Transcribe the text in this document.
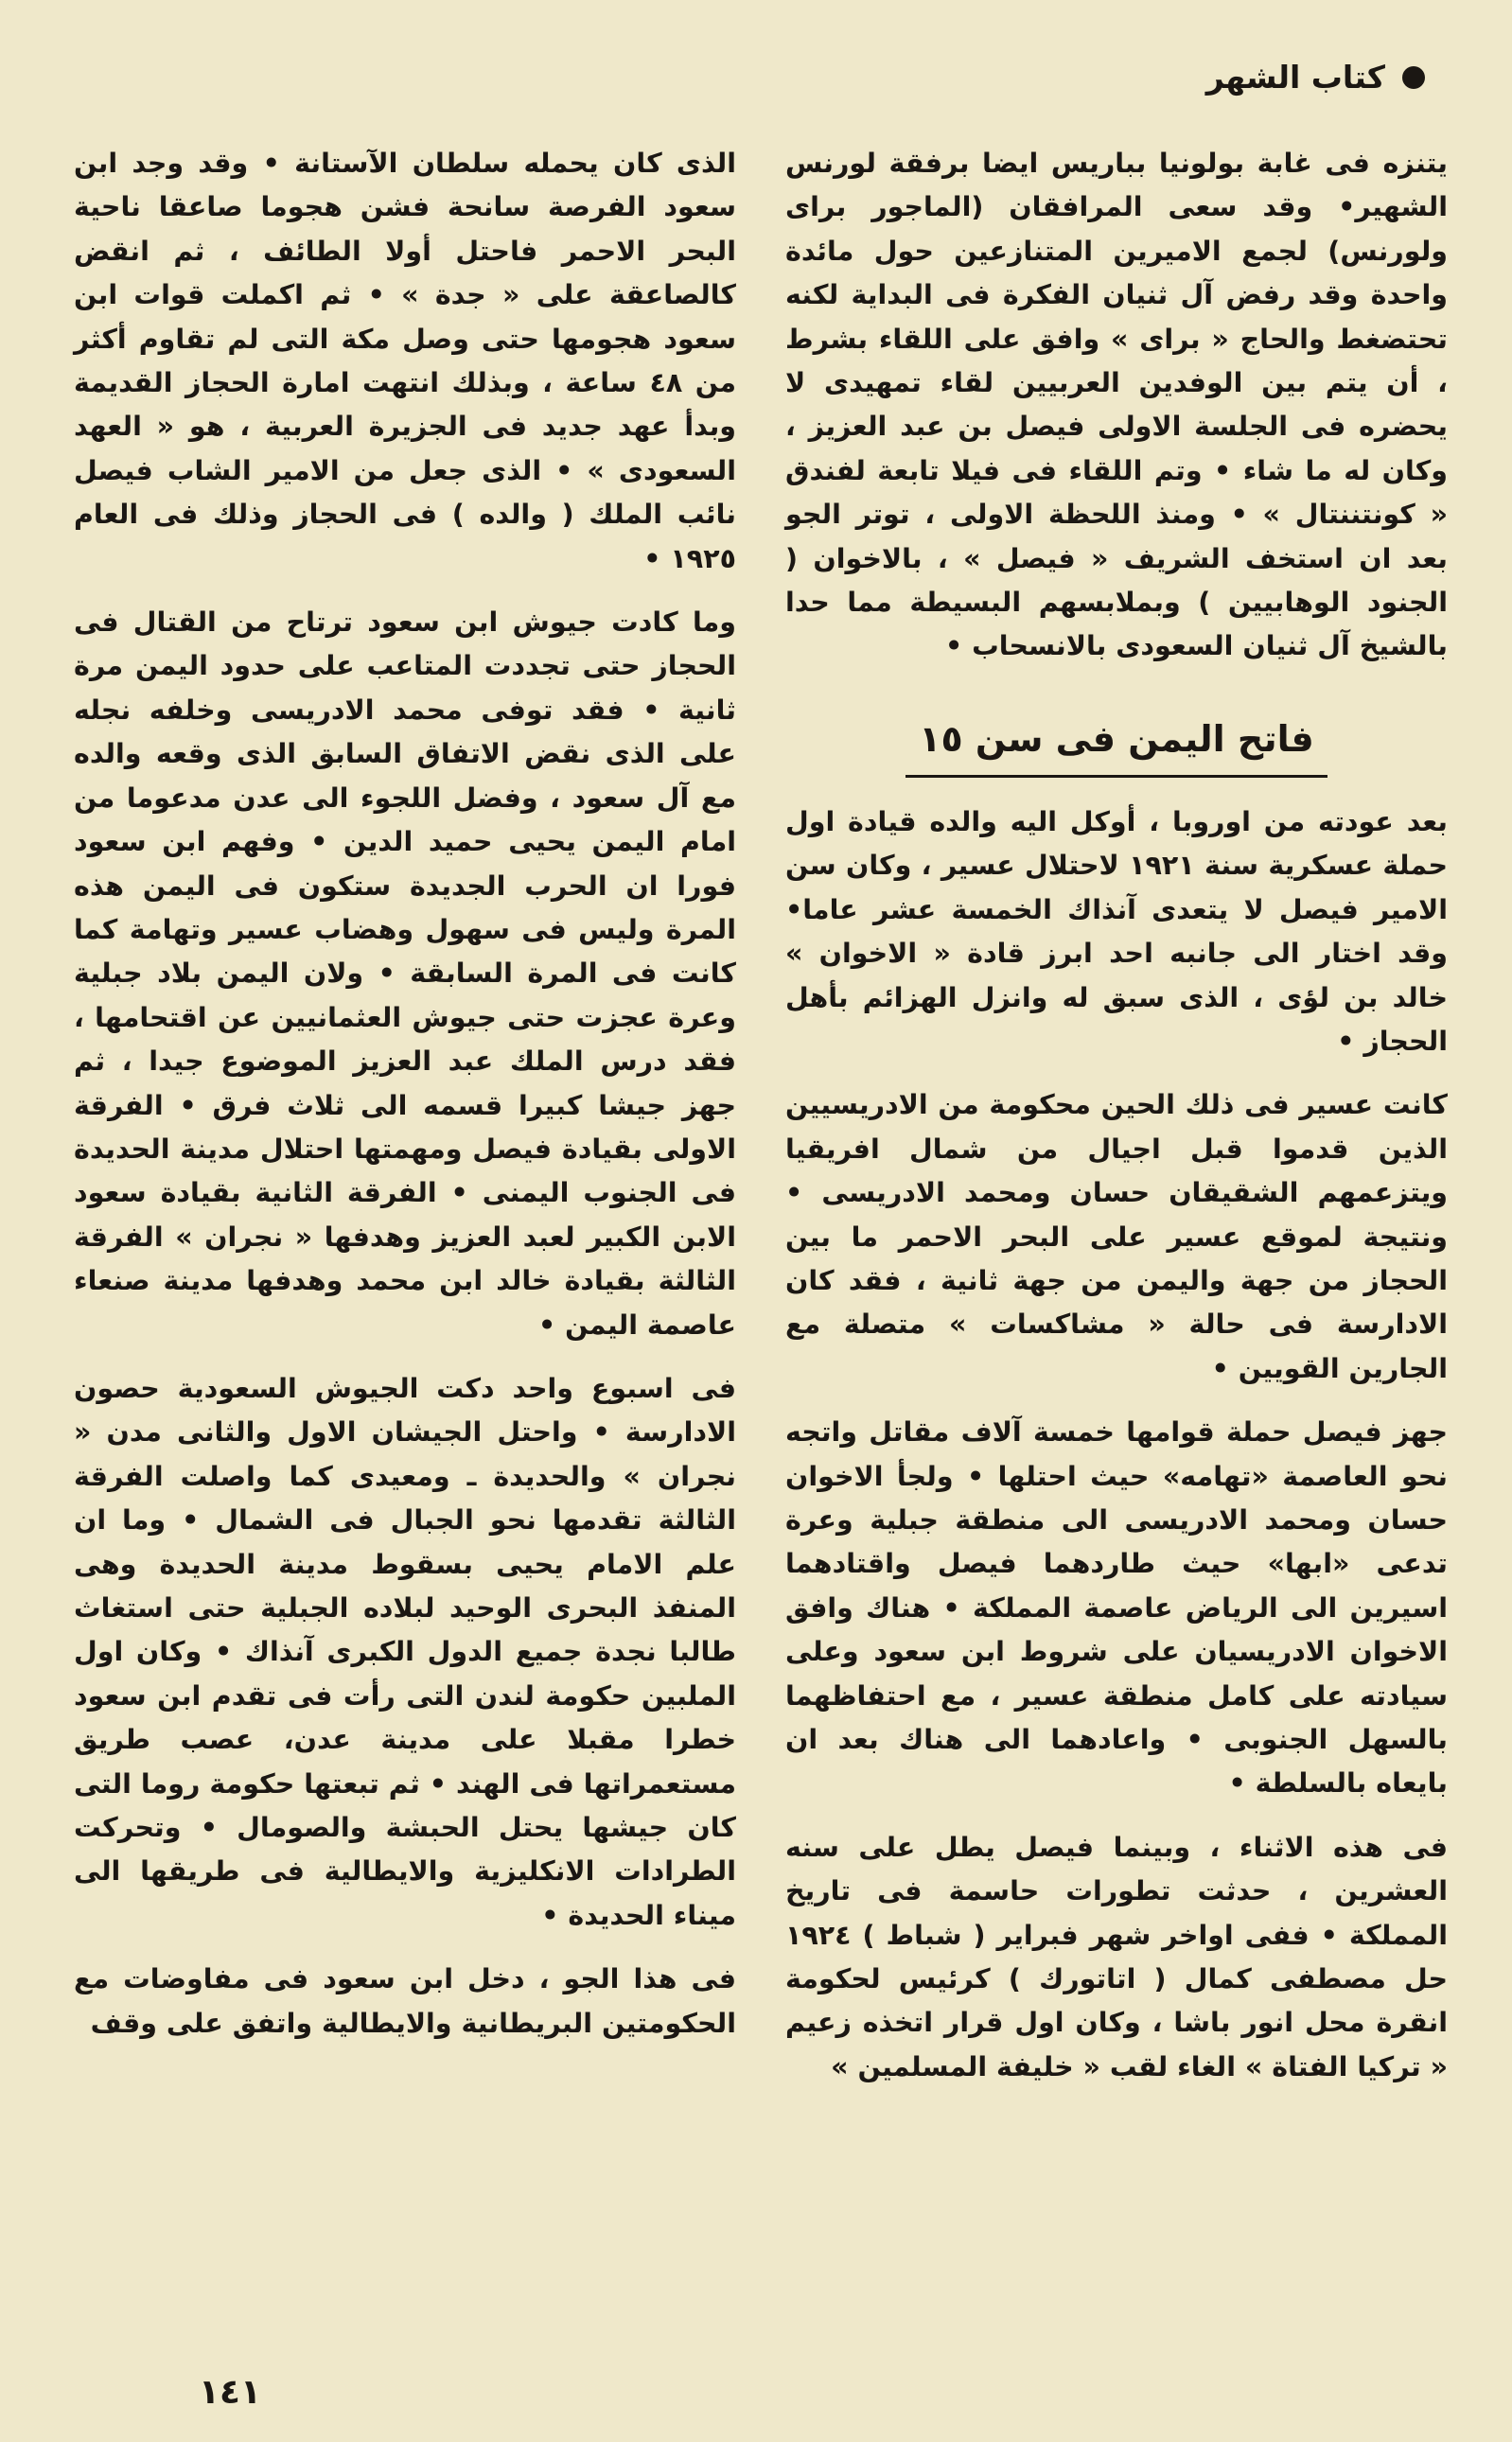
كتاب الشهر

يتنزه فى غابة بولونيا بباريس ايضا برفقة لورنس الشهير• وقد سعى المرافقان (الماجور براى ولورنس) لجمع الاميرين المتنازعين حول مائدة واحدة وقد رفض آل ثنيان الفكرة فى البداية لكنه تحتضغط والحاج « براى » وافق على اللقاء بشرط ، أن يتم بين الوفدين العربيين لقاء تمهيدى لا يحضره فى الجلسة الاولى فيصل بن عبد العزيز ، وكان له ما شاء • وتم اللقاء فى فيلا تابعة لفندق « كونتننتال » • ومنذ اللحظة الاولى ، توتر الجو بعد ان استخف الشريف « فيصل » ، بالاخوان ( الجنود الوهابيين ) وبملابسهم البسيطة مما حدا بالشيخ آل ثنيان السعودى بالانسحاب •

فاتح اليمن فى سن ١٥

بعد عودته من اوروبا ، أوكل اليه والده قيادة اول حملة عسكرية سنة ١٩٢١ لاحتلال عسير ، وكان سن الامير فيصل لا يتعدى آنذاك الخمسة عشر عاما• وقد اختار الى جانبه احد ابرز قادة « الاخوان » خالد بن لؤى ، الذى سبق له وانزل الهزائم بأهل الحجاز •

كانت عسير فى ذلك الحين محكومة من الادريسيين الذين قدموا قبل اجيال من شمال افريقيا ويتزعمهم الشقيقان حسان ومحمد الادريسى • ونتيجة لموقع عسير على البحر الاحمر ما بين الحجاز من جهة واليمن من جهة ثانية ، فقد كان الادارسة فى حالة « مشاكسات » متصلة مع الجارين القويين •

جهز فيصل حملة قوامها خمسة آلاف مقاتل واتجه نحو العاصمة «تهامه» حيث احتلها • ولجأ الاخوان حسان ومحمد الادريسى الى منطقة جبلية وعرة تدعى «ابها» حيث طاردهما فيصل واقتادهما اسيرين الى الرياض عاصمة المملكة • هناك وافق الاخوان الادريسيان على شروط ابن سعود وعلى سيادته على كامل منطقة عسير ، مع احتفاظهما بالسهل الجنوبى • واعادهما الى هناك بعد ان بايعاه بالسلطة •

فى هذه الاثناء ، وبينما فيصل يطل على سنه العشرين ، حدثت تطورات حاسمة فى تاريخ المملكة • ففى اواخر شهر فبراير ( شباط ) ١٩٢٤ حل مصطفى كمال ( اتاتورك ) كرئيس لحكومة انقرة محل انور باشا ، وكان اول قرار اتخذه زعيم « تركيا الفتاة » الغاء لقب « خليفة المسلمين »

الذى كان يحمله سلطان الآستانة • وقد وجد ابن سعود الفرصة سانحة فشن هجوما صاعقا ناحية البحر الاحمر فاحتل أولا الطائف ، ثم انقض كالصاعقة على « جدة » • ثم اكملت قوات ابن سعود هجومها حتى وصل مكة التى لم تقاوم أكثر من ٤٨ ساعة ، وبذلك انتهت امارة الحجاز القديمة وبدأ عهد جديد فى الجزيرة العربية ، هو « العهد السعودى » • الذى جعل من الامير الشاب فيصل نائب الملك ( والده ) فى الحجاز وذلك فى العام ١٩٢٥ •

وما كادت جيوش ابن سعود ترتاح من القتال فى الحجاز حتى تجددت المتاعب على حدود اليمن مرة ثانية • فقد توفى محمد الادريسى وخلفه نجله على الذى نقض الاتفاق السابق الذى وقعه والده مع آل سعود ، وفضل اللجوء الى عدن مدعوما من امام اليمن يحيى حميد الدين • وفهم ابن سعود فورا ان الحرب الجديدة ستكون فى اليمن هذه المرة وليس فى سهول وهضاب عسير وتهامة كما كانت فى المرة السابقة • ولان اليمن بلاد جبلية وعرة عجزت حتى جيوش العثمانيين عن اقتحامها ، فقد درس الملك عبد العزيز الموضوع جيدا ، ثم جهز جيشا كبيرا قسمه الى ثلاث فرق • الفرقة الاولى بقيادة فيصل ومهمتها احتلال مدينة الحديدة فى الجنوب اليمنى • الفرقة الثانية بقيادة سعود الابن الكبير لعبد العزيز وهدفها « نجران » الفرقة الثالثة بقيادة خالد ابن محمد وهدفها مدينة صنعاء عاصمة اليمن •

فى اسبوع واحد دكت الجيوش السعودية حصون الادارسة • واحتل الجيشان الاول والثانى مدن « نجران » والحديدة ـ ومعيدى كما واصلت الفرقة الثالثة تقدمها نحو الجبال فى الشمال • وما ان علم الامام يحيى بسقوط مدينة الحديدة وهى المنفذ البحرى الوحيد لبلاده الجبلية حتى استغاث طالبا نجدة جميع الدول الكبرى آنذاك • وكان اول الملبين حكومة لندن التى رأت فى تقدم ابن سعود خطرا مقبلا على مدينة عدن، عصب طريق مستعمراتها فى الهند • ثم تبعتها حكومة روما التى كان جيشها يحتل الحبشة والصومال • وتحركت الطرادات الانكليزية والايطالية فى طريقها الى ميناء الحديدة •

فى هذا الجو ، دخل ابن سعود فى مفاوضات مع الحكومتين البريطانية والايطالية واتفق على وقف

١٤١
